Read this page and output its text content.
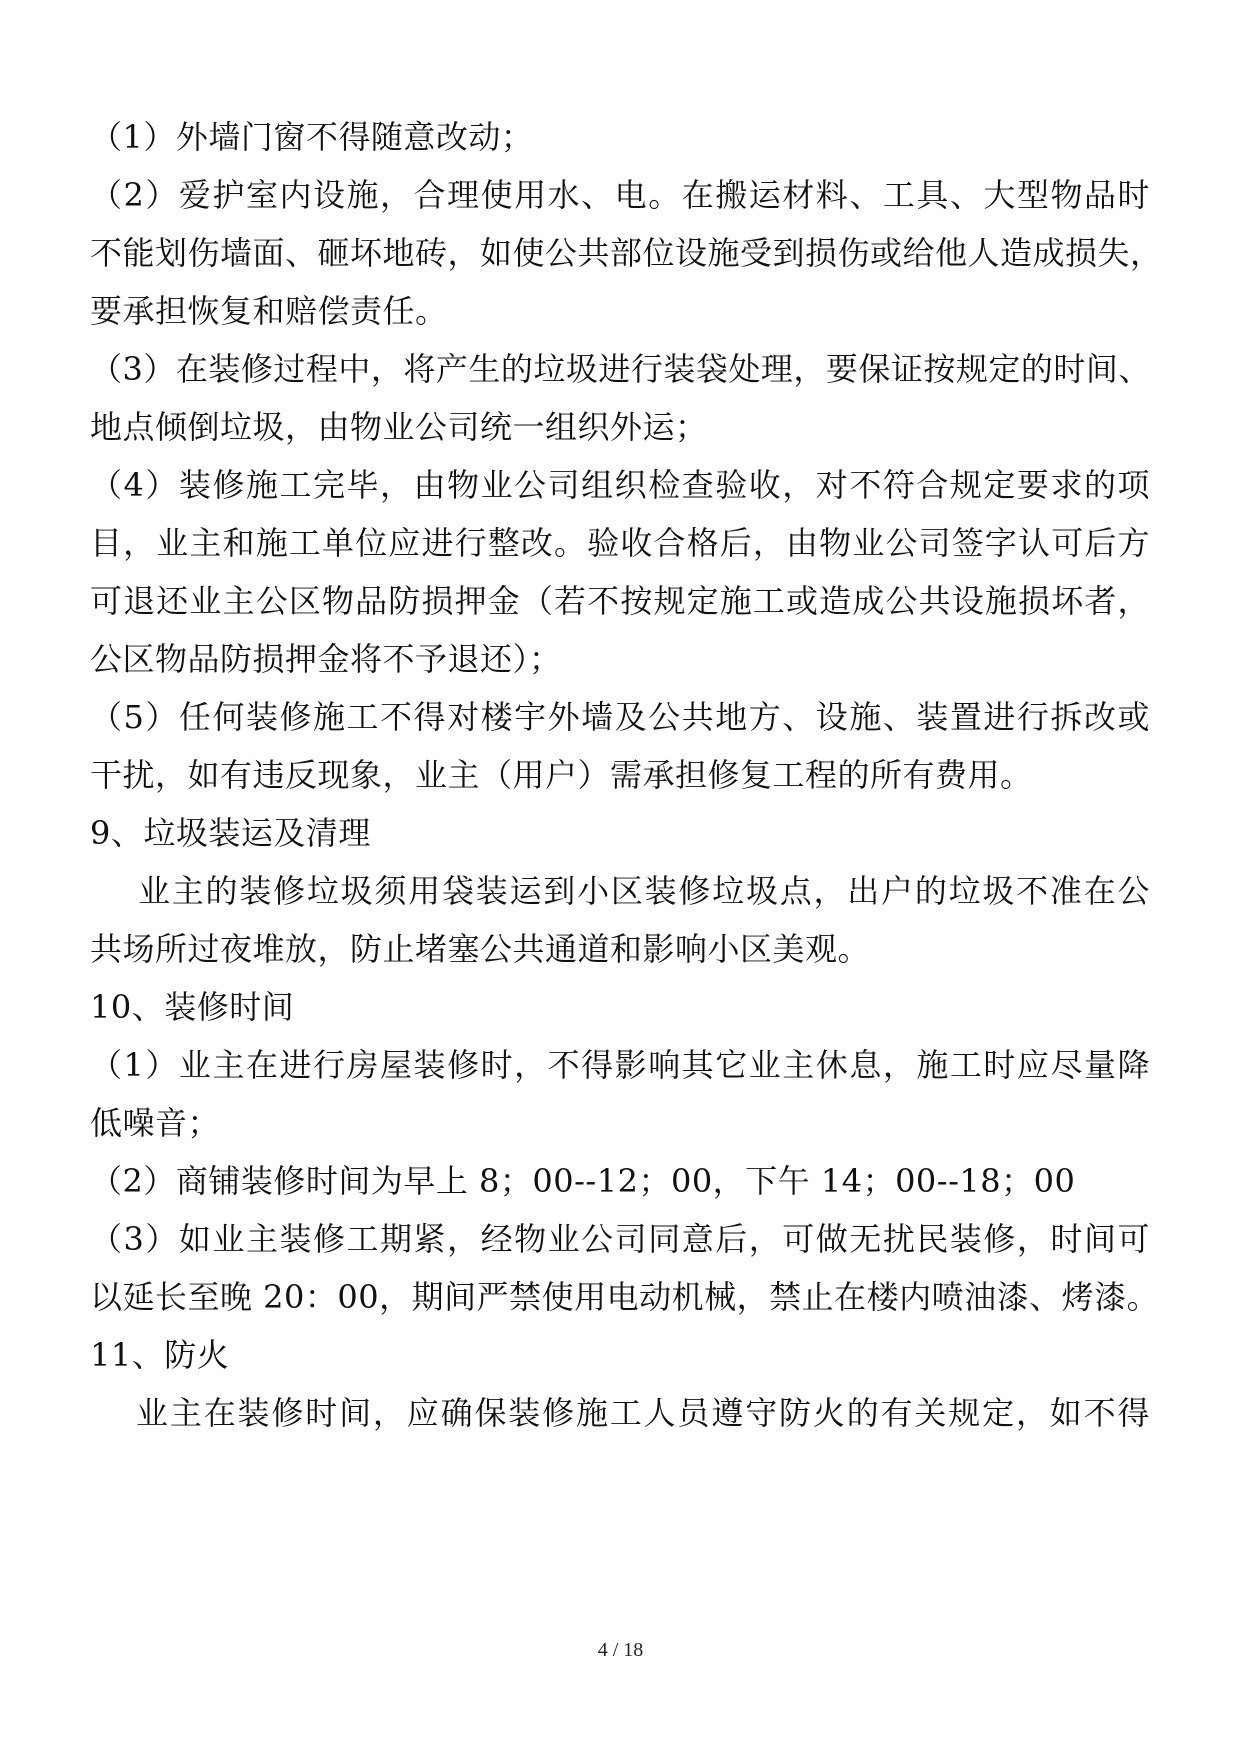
（1）外墙门窗不得随意改动；
（2）爱护室内设施，合理使用水、电。在搬运材料、工具、大型物品时
不能划伤墙面、砸坏地砖，如使公共部位设施受到损伤或给他人造成损失，
要承担恢复和赔偿责任。
（3）在装修过程中，将产生的垃圾进行装袋处理，要保证按规定的时间、
地点倾倒垃圾，由物业公司统一组织外运；
（4）装修施工完毕，由物业公司组织检查验收，对不符合规定要求的项
目，业主和施工单位应进行整改。验收合格后，由物业公司签字认可后方
可退还业主公区物品防损押金（若不按规定施工或造成公共设施损坏者，
公区物品防损押金将不予退还）；
（5）任何装修施工不得对楼宇外墙及公共地方、设施、装置进行拆改或
干扰，如有违反现象，业主（用户）需承担修复工程的所有费用。
9、垃圾装运及清理
业主的装修垃圾须用袋装运到小区装修垃圾点，出户的垃圾不准在公
共场所过夜堆放，防止堵塞公共通道和影响小区美观。
10、装修时间
（1）业主在进行房屋装修时，不得影响其它业主休息，施工时应尽量降
低噪音；
（2）商铺装修时间为早上 8；00--12；00，下午 14；00--18；00
（3）如业主装修工期紧，经物业公司同意后，可做无扰民装修，时间可
以延长至晚 20：00，期间严禁使用电动机械，禁止在楼内喷油漆、烤漆。
11、防火
业主在装修时间，应确保装修施工人员遵守防火的有关规定，如不得
4 / 18
